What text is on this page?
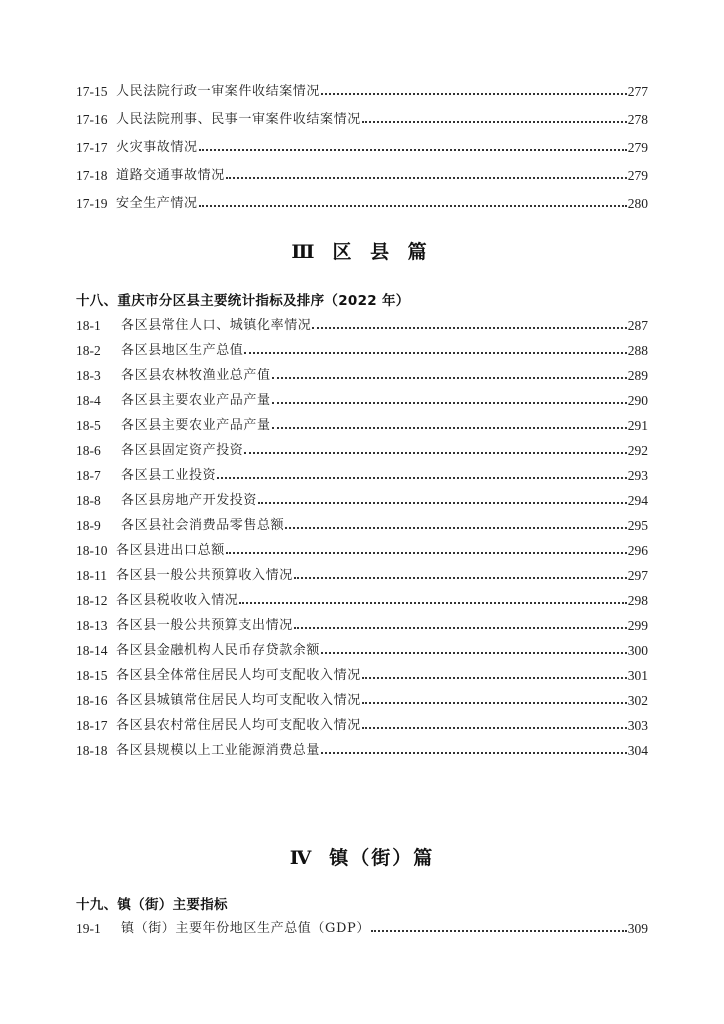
17-15 人民法院行政一审案件收结案情况	277
17-16 人民法院刑事、民事一审案件收结案情况	278
17-17 火灾事故情况	279
17-18 道路交通事故情况	279
17-19 安全生产情况	280
Ⅲ 区 县 篇
十八、重庆市分区县主要统计指标及排序（2022 年）
18-1	各区县常住人口、城镇化率情况	287
18-2	各区县地区生产总值	288
18-3	各区县农林牧渔业总产值	289
18-4	各区县主要农业产品产量	290
18-5	各区县主要农业产品产量	291
18-6	各区县固定资产投资	292
18-7	各区县工业投资	293
18-8	各区县房地产开发投资	294
18-9	各区县社会消费品零售总额	295
18-10 各区县进出口总额	296
18-11 各区县一般公共预算收入情况	297
18-12 各区县税收收入情况	298
18-13 各区县一般公共预算支出情况	299
18-14 各区县金融机构人民币存贷款余额	300
18-15 各区县全体常住居民人均可支配收入情况	301
18-16 各区县城镇常住居民人均可支配收入情况	302
18-17 各区县农村常住居民人均可支配收入情况	303
18-18 各区县规模以上工业能源消费总量	304
Ⅳ 镇（街）篇
十九、镇（街）主要指标
19-1	镇（街）主要年份地区生产总值（GDP）	309
